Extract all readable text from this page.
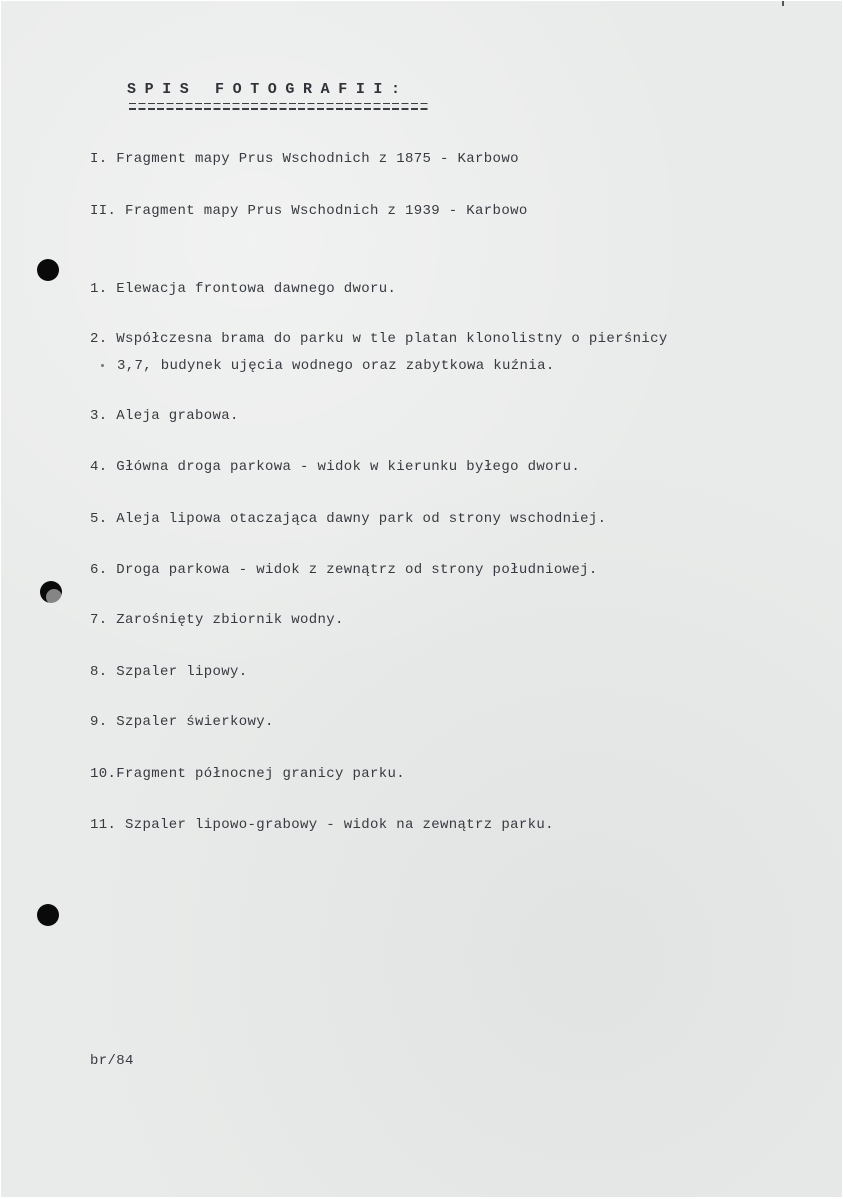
SPIS FOTOGRAFII:

I. Fragment mapy Prus Wschodnich z 1875 - Karbowo

II. Fragment mapy Prus Wschodnich z 1939 - Karbowo

1. Elewacja frontowa dawnego dworu.

2. Współczesna brama do parku w tle platan klonolistny o pierśnicy

3,7, budynek ujęcia wodnego oraz zabytkowa kuźnia.

3. Aleja grabowa.

4. Główna droga parkowa - widok w kierunku byłego dworu.

5. Aleja lipowa otaczająca dawny park od strony wschodniej.

6. Droga parkowa - widok z zewnątrz od strony południowej.

7. Zarośnięty zbiornik wodny.

8. Szpaler lipowy.

9. Szpaler świerkowy.

10.Fragment północnej granicy parku.

11. Szpaler lipowo-grabowy - widok na zewnątrz parku.

br/84
